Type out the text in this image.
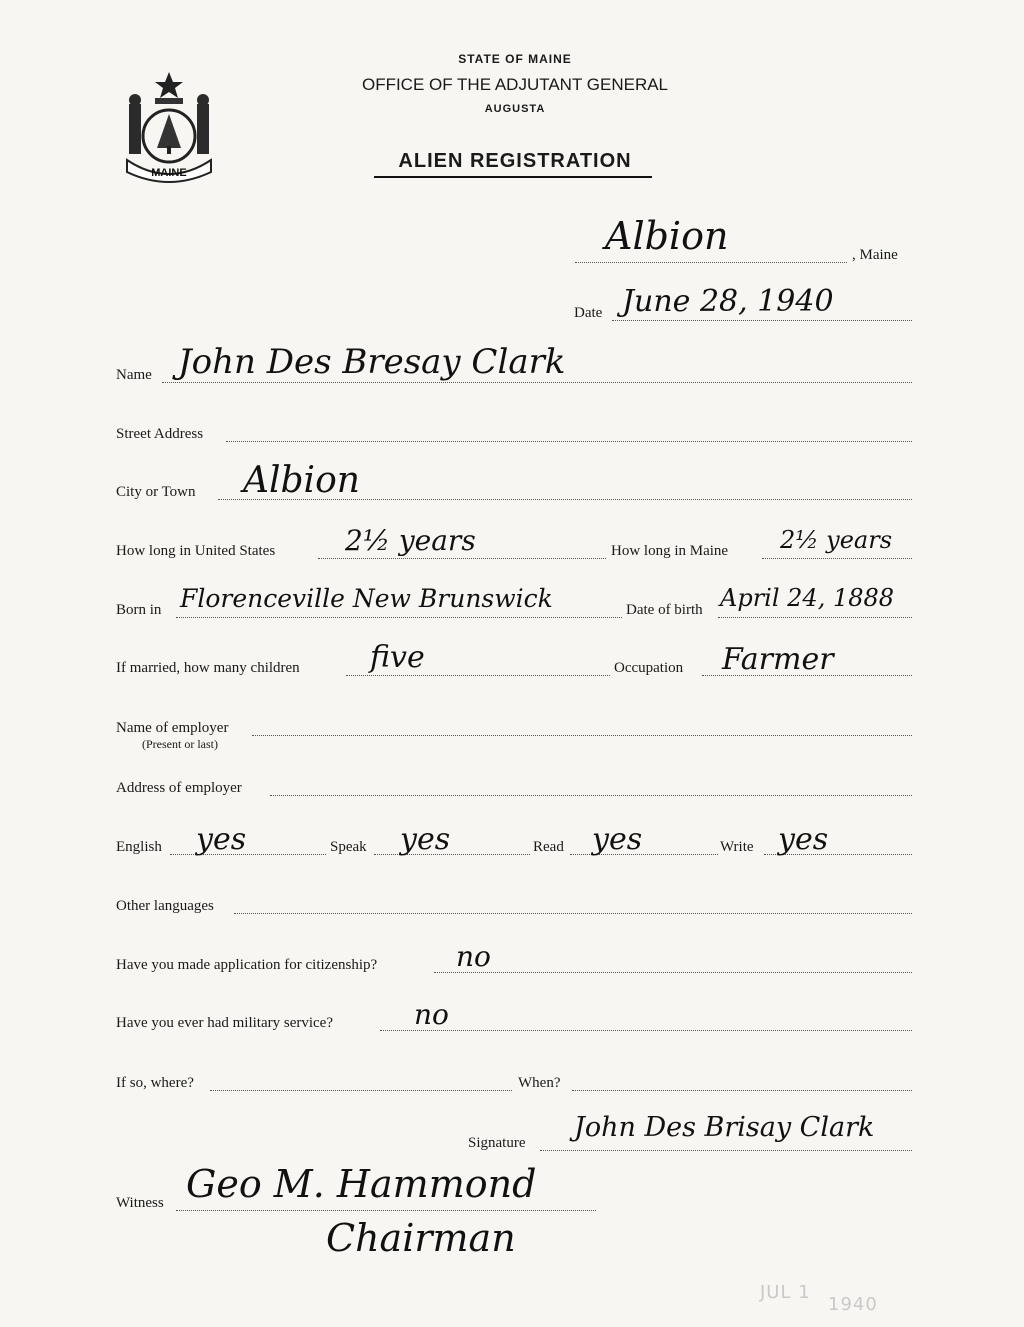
MAINE
STATE OF MAINE
OFFICE OF THE ADJUTANT GENERAL
AUGUSTA
ALIEN REGISTRATION
Albion	, Maine
Date June 28, 1940
Name John Des Bresay Clark
Street Address
City or Town Albion
How long in United States 2½ years	How long in Maine 2½ years
Born in Florenceville New Brunswick	Date of birth April 24, 1888
If married, how many children five	Occupation Farmer
Name of employer
(Present or last)
Address of employer
English yes	Speak yes	Read yes	Write yes
Other languages
Have you made application for citizenship?	no
Have you ever had military service?	no
If so, where?	When?
Signature John Des Brisay Clark
Witness Geo M. Hammond
Chairman
JUL 1
1940
